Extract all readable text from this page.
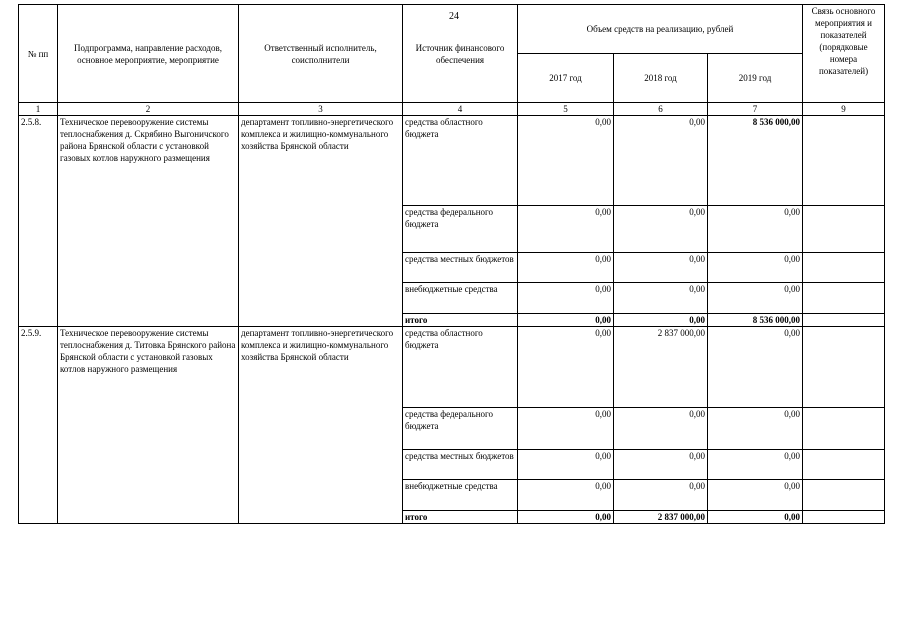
24
№ пп	Подпрограмма, направление расходов, основное мероприятие, мероприятие	Ответственный исполнитель, соисполнители	Источник финансового обеспечения	Объем средств на реализацию, рублей			Связь основного мероприятия и показателей (порядковые номера показателей)
				2017 год	2018 год	2019 год	
1	2	3	4	5	6	7	9
2.5.8.	Техническое перевооружение системы теплоснабжения д. Скрябино Выгоничского района Брянской области с установкой газовых котлов наружного размещения	департамент топливно-энергетического комплекса и жилищно-коммунального хозяйства Брянской области	средства областного бюджета	0,00	0,00	8 536 000,00	
			средства федерального бюджета	0,00	0,00	0,00	
			средства местных бюджетов	0,00	0,00	0,00	
			внебюджетные средства	0,00	0,00	0,00	
			итого	0,00	0,00	8 536 000,00	
2.5.9.	Техническое перевооружение системы теплоснабжения д. Титовка Брянского района Брянской области с установкой газовых котлов наружного размещения	департамент топливно-энергетического комплекса и жилищно-коммунального хозяйства Брянской области	средства областного бюджета	0,00	2 837 000,00	0,00	
			средства федерального бюджета	0,00	0,00	0,00	
			средства местных бюджетов	0,00	0,00	0,00	
			внебюджетные средства	0,00	0,00	0,00	
			итого	0,00	2 837 000,00	0,00	
